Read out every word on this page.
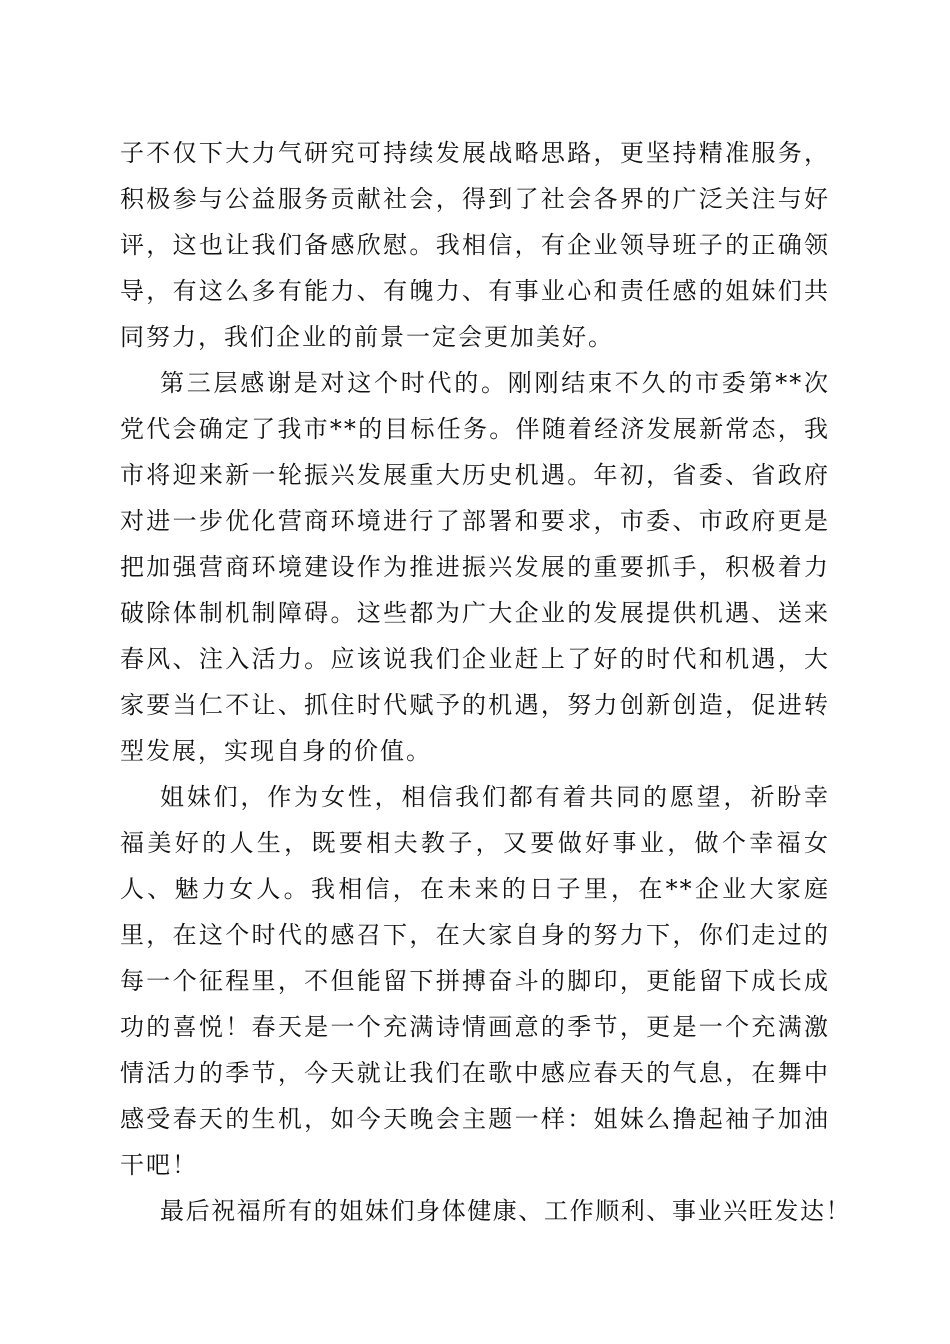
子不仅下大力气研究可持续发展战略思路，更坚持精准服务，积极参与公益服务贡献社会，得到了社会各界的广泛关注与好评，这也让我们备感欣慰。我相信，有企业领导班子的正确领导，有这么多有能力、有魄力、有事业心和责任感的姐妹们共同努力，我们企业的前景一定会更加美好。

第三层感谢是对这个时代的。刚刚结束不久的市委第**次党代会确定了我市**的目标任务。伴随着经济发展新常态，我市将迎来新一轮振兴发展重大历史机遇。年初，省委、省政府对进一步优化营商环境进行了部署和要求，市委、市政府更是把加强营商环境建设作为推进振兴发展的重要抓手，积极着力破除体制机制障碍。这些都为广大企业的发展提供机遇、送来春风、注入活力。应该说我们企业赶上了好的时代和机遇，大家要当仁不让、抓住时代赋予的机遇，努力创新创造，促进转型发展，实现自身的价值。

姐妹们，作为女性，相信我们都有着共同的愿望，祈盼幸福美好的人生，既要相夫教子，又要做好事业，做个幸福女人、魅力女人。我相信，在未来的日子里，在**企业大家庭里，在这个时代的感召下，在大家自身的努力下，你们走过的每一个征程里，不但能留下拼搏奋斗的脚印，更能留下成长成功的喜悦！春天是一个充满诗情画意的季节，更是一个充满激情活力的季节，今天就让我们在歌中感应春天的气息，在舞中感受春天的生机，如今天晚会主题一样：姐妹么撸起袖子加油干吧！

最后祝福所有的姐妹们身体健康、工作顺利、事业兴旺发达！
